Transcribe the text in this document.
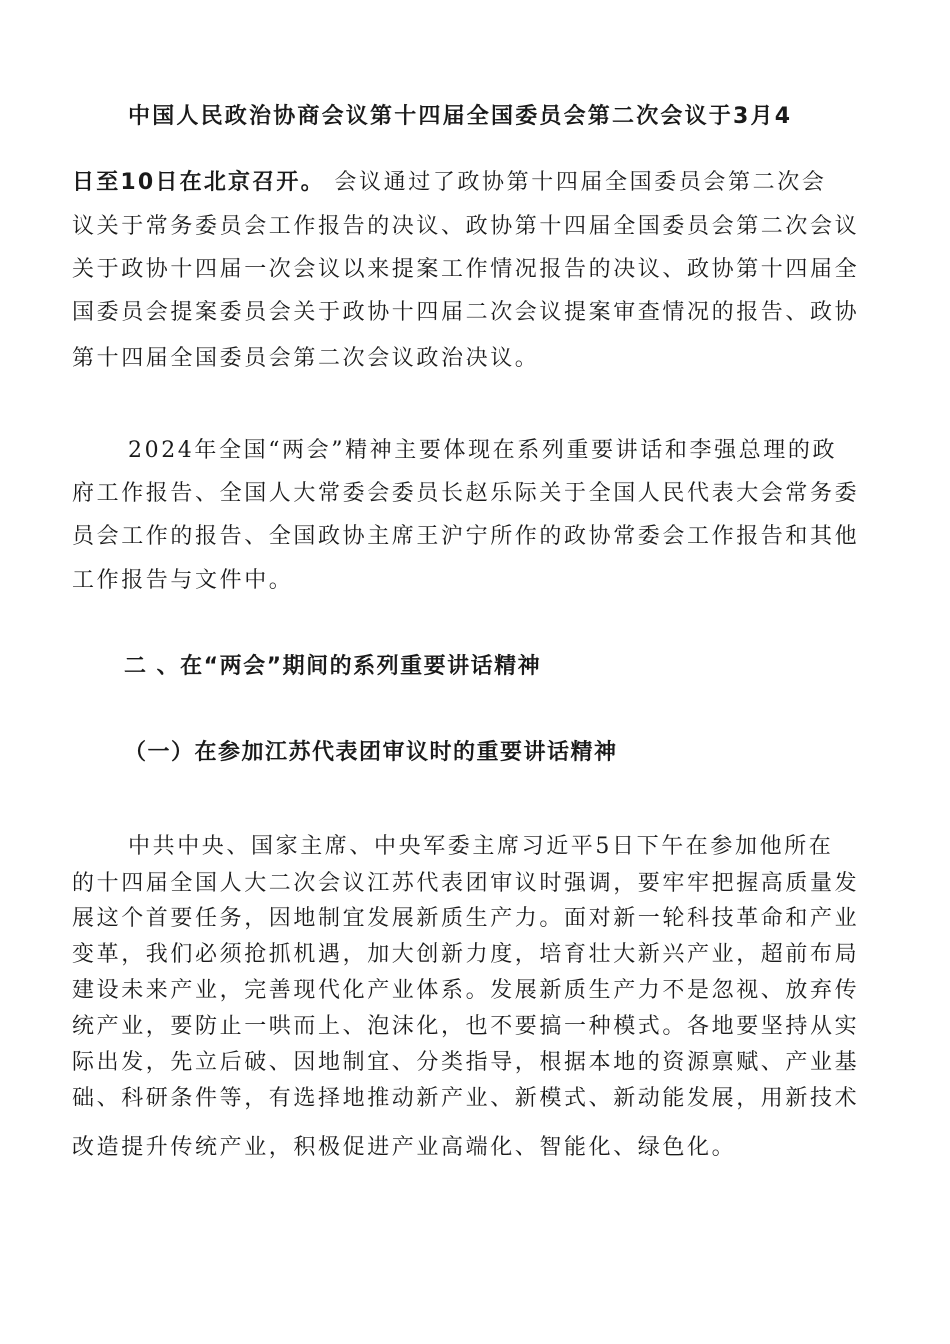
中国人民政治协商会议第十四届全国委员会第二次会议于3月4
日至10日在北京召开。 会议通过了政协第十四届全国委员会第二次会
议关于常务委员会工作报告的决议、政协第十四届全国委员会第二次会议
关于政协十四届一次会议以来提案工作情况报告的决议、政协第十四届全
国委员会提案委员会关于政协十四届二次会议提案审查情况的报告、政协
第十四届全国委员会第二次会议政治决议。
2024年全国“两会”精神主要体现在系列重要讲话和李强总理的政
府工作报告、全国人大常委会委员长赵乐际关于全国人民代表大会常务委
员会工作的报告、全国政协主席王沪宁所作的政协常委会工作报告和其他
工作报告与文件中。
二 、在“两会”期间的系列重要讲话精神
（一）在参加江苏代表团审议时的重要讲话精神
中共中央、国家主席、中央军委主席习近平5日下午在参加他所在
的十四届全国人大二次会议江苏代表团审议时强调，要牢牢把握高质量发
展这个首要任务，因地制宜发展新质生产力。面对新一轮科技革命和产业
变革，我们必须抢抓机遇，加大创新力度，培育壮大新兴产业，超前布局
建设未来产业，完善现代化产业体系。发展新质生产力不是忽视、放弃传
统产业，要防止一哄而上、泡沫化，也不要搞一种模式。各地要坚持从实
际出发，先立后破、因地制宜、分类指导，根据本地的资源禀赋、产业基
础、科研条件等，有选择地推动新产业、新模式、新动能发展，用新技术
改造提升传统产业，积极促进产业高端化、智能化、绿色化。
